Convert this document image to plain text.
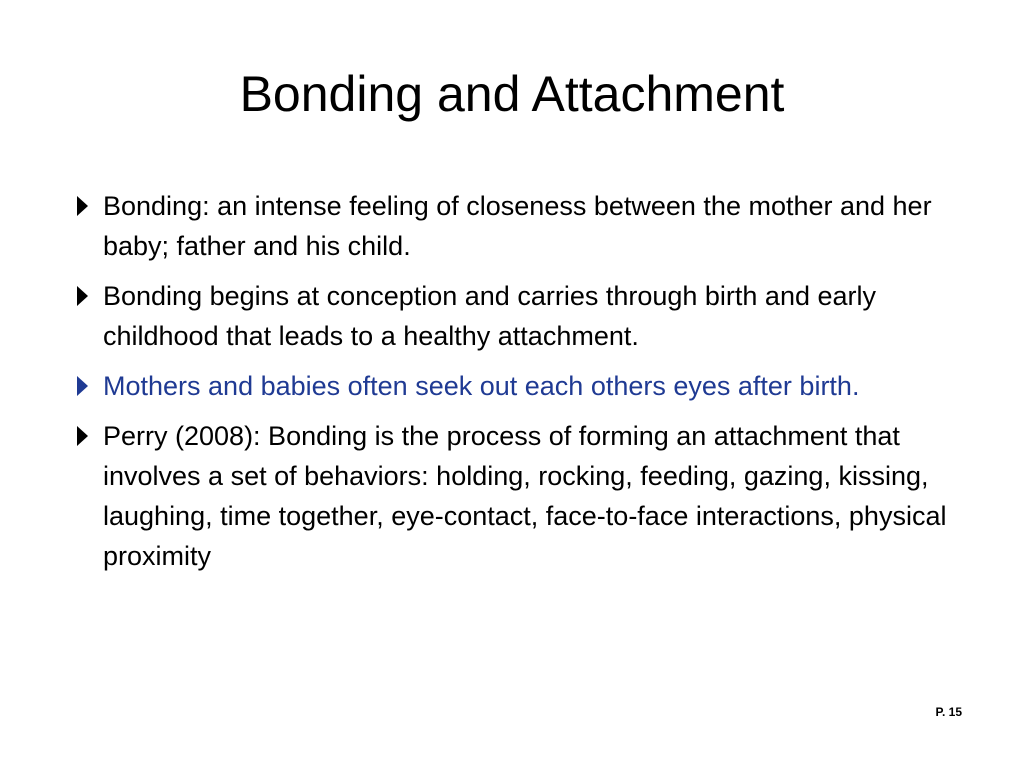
Bonding and Attachment
Bonding: an intense feeling of closeness between the mother and her baby; father and his child.
Bonding begins at conception and carries through birth and early childhood that leads to a healthy attachment.
Mothers and babies often seek out each others eyes after birth.
Perry (2008): Bonding is the process of forming an attachment that involves a set of behaviors: holding, rocking, feeding, gazing, kissing, laughing, time together, eye-contact, face-to-face interactions, physical proximity
P. 15
